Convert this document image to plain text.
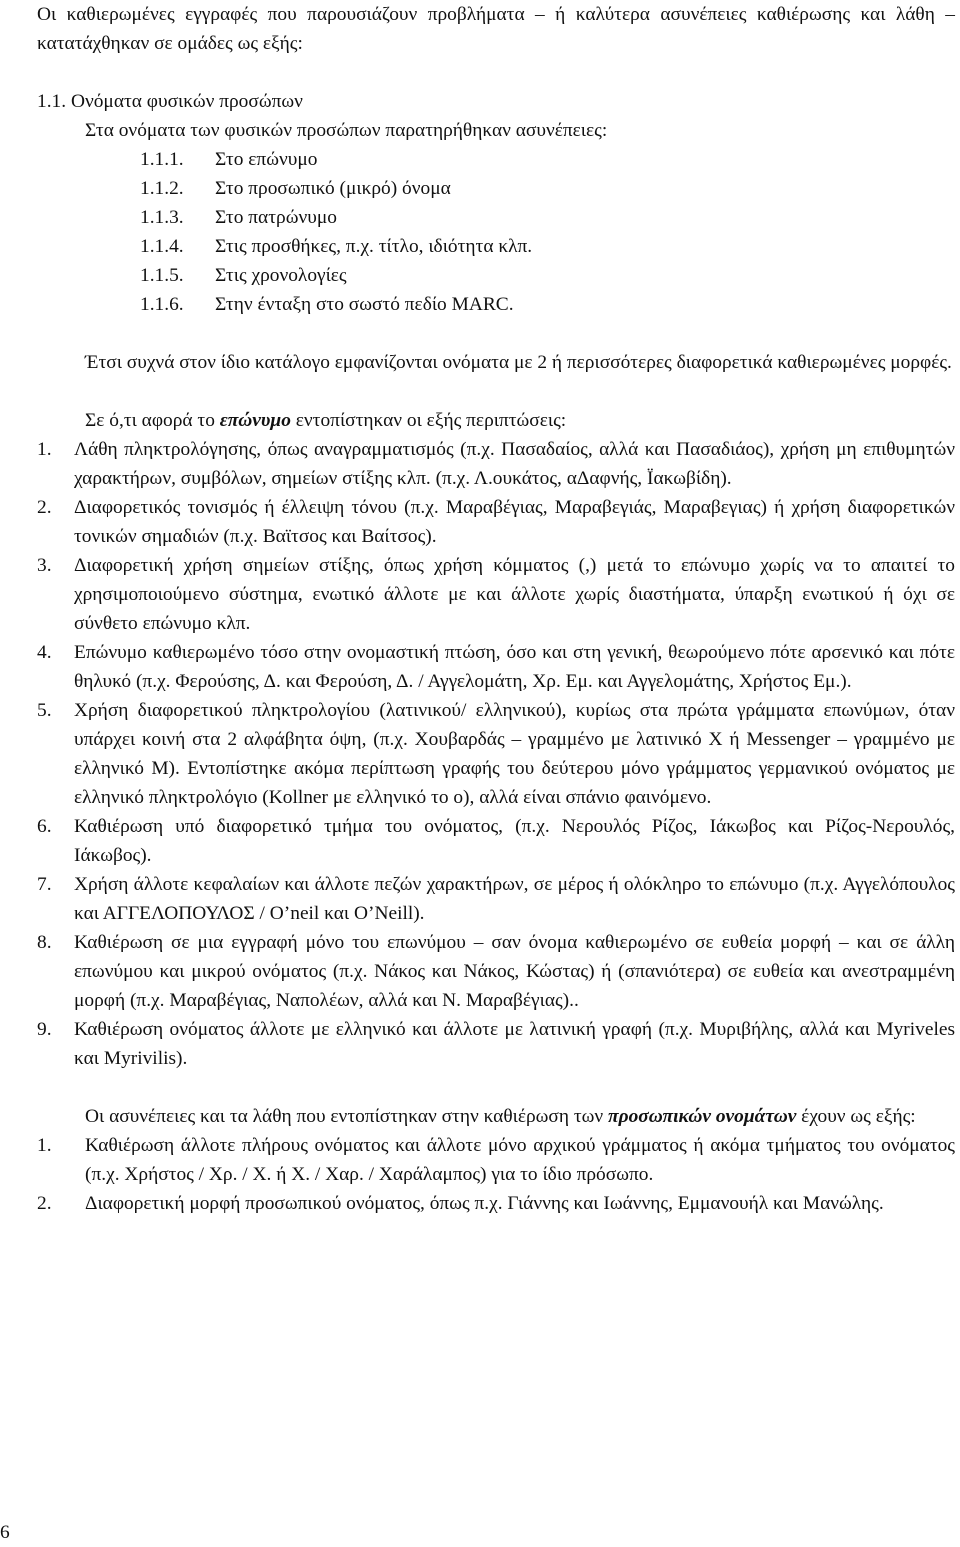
Οι καθιερωμένες εγγραφές που παρουσιάζουν προβλήματα – ή καλύτερα ασυνέπειες καθιέρωσης και λάθη – κατατάχθηκαν σε ομάδες ως εξής:

1.1. Ονόματα φυσικών προσώπων

Στα ονόματα των φυσικών προσώπων παρατηρήθηκαν ασυνέπειες:

1.1.1.	Στο επώνυμο
1.1.2.	Στο προσωπικό (μικρό) όνομα
1.1.3.	Στο πατρώνυμο
1.1.4.	Στις προσθήκες, π.χ. τίτλο, ιδιότητα κλπ.
1.1.5.	Στις χρονολογίες
1.1.6.	Στην ένταξη στο σωστό πεδίο MARC.

Έτσι συχνά στον ίδιο κατάλογο εμφανίζονται ονόματα με 2 ή περισσότερες διαφορετικά καθιερωμένες μορφές.

Σε ό,τι αφορά το επώνυμο εντοπίστηκαν οι εξής περιπτώσεις:

1.	Λάθη πληκτρολόγησης, όπως αναγραμματισμός (π.χ. Πασαδαίος, αλλά και Πασαδιάος), χρήση μη επιθυμητών χαρακτήρων, συμβόλων, σημείων στίξης κλπ. (π.χ. Λ.ουκάτος, αΔαφνής, Ïακωβίδη).
2.	Διαφορετικός τονισμός ή έλλειψη τόνου (π.χ. Μαραβέγιας, Μαραβεγιάς, Μαραβεγιας) ή χρήση διαφορετικών τονικών σημαδιών (π.χ. Βαϊτσος και Βαίτσος).
3.	Διαφορετική χρήση σημείων στίξης, όπως χρήση κόμματος (,) μετά το επώνυμο χωρίς να το απαιτεί το χρησιμοποιούμενο σύστημα, ενωτικό άλλοτε με και άλλοτε χωρίς διαστήματα, ύπαρξη ενωτικού ή όχι σε σύνθετο επώνυμο κλπ.
4.	Επώνυμο καθιερωμένο τόσο στην ονομαστική πτώση, όσο και στη γενική, θεωρούμενο πότε αρσενικό και πότε θηλυκό (π.χ. Φερούσης, Δ. και Φερούση, Δ. / Αγγελομάτη, Χρ. Εμ. και Αγγελομάτης, Χρήστος Εμ.).
5.	Χρήση διαφορετικού πληκτρολογίου (λατινικού/ ελληνικού), κυρίως στα πρώτα γράμματα επωνύμων, όταν υπάρχει κοινή στα 2 αλφάβητα όψη, (π.χ. Χουβαρδάς – γραμμένο με λατινικό X ή Messenger – γραμμένο με ελληνικό Μ). Εντοπίστηκε ακόμα περίπτωση γραφής του δεύτερου μόνο γράμματος γερμανικού ονόματος με ελληνικό πληκτρολόγιο (Kollner με ελληνικό το o), αλλά είναι σπάνιο φαινόμενο.
6.	Καθιέρωση υπό διαφορετικό τμήμα του ονόματος, (π.χ. Νερουλός Ρίζος, Ιάκωβος και Ρίζος-Νερουλός, Ιάκωβος).
7.	Χρήση άλλοτε κεφαλαίων και άλλοτε πεζών χαρακτήρων, σε μέρος ή ολόκληρο το επώνυμο (π.χ. Αγγελόπουλος και ΑΓΓΕΛΟΠΟΥΛΟΣ / O’neil και O’Neill).
8.	Καθιέρωση σε μια εγγραφή μόνο του επωνύμου – σαν όνομα καθιερωμένο σε ευθεία μορφή – και σε άλλη επωνύμου και μικρού ονόματος (π.χ. Νάκος και Νάκος, Κώστας) ή (σπανιότερα) σε ευθεία και ανεστραμμένη μορφή (π.χ. Μαραβέγιας, Ναπολέων, αλλά και Ν. Μαραβέγιας)..
9.	Καθιέρωση ονόματος άλλοτε με ελληνικό και άλλοτε με λατινική γραφή (π.χ. Μυριβήλης, αλλά και Myriveles και Myrivilis).

Οι ασυνέπειες και τα λάθη που εντοπίστηκαν στην καθιέρωση των προσωπικών ονομάτων έχουν ως εξής:

1.	Καθιέρωση άλλοτε πλήρους ονόματος και άλλοτε μόνο αρχικού γράμματος ή ακόμα τμήματος του ονόματος (π.χ. Χρήστος / Χρ. / Χ. ή Χ. / Χαρ. / Χαράλαμπος) για το ίδιο πρόσωπο.
2.	Διαφορετική μορφή προσωπικού ονόματος, όπως π.χ. Γιάννης και Ιωάννης, Εμμανουήλ και Μανώλης.
6
